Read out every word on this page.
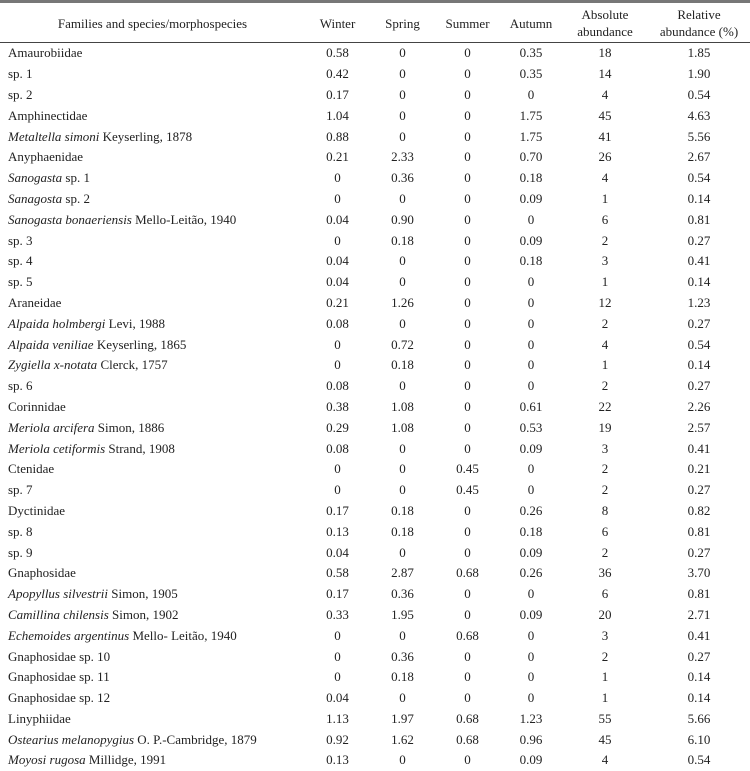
Families and species/morphospecies	Winter	Spring	Summer	Autumn	Absolute abundance	Relative abundance (%)
Amaurobiidae	0.58	0	0	0.35	18	1.85
sp. 1	0.42	0	0	0.35	14	1.90
sp. 2	0.17	0	0	0	4	0.54
Amphinectidae	1.04	0	0	1.75	45	4.63
Metaltella simoni Keyserling, 1878	0.88	0	0	1.75	41	5.56
Anyphaenidae	0.21	2.33	0	0.70	26	2.67
Sanogasta sp. 1	0	0.36	0	0.18	4	0.54
Sanagosta sp. 2	0	0	0	0.09	1	0.14
Sanogasta bonaeriensis Mello-Leitão, 1940	0.04	0.90	0	0	6	0.81
sp. 3	0	0.18	0	0.09	2	0.27
sp. 4	0.04	0	0	0.18	3	0.41
sp. 5	0.04	0	0	0	1	0.14
Araneidae	0.21	1.26	0	0	12	1.23
Alpaida holmbergi Levi, 1988	0.08	0	0	0	2	0.27
Alpaida veniliae Keyserling, 1865	0	0.72	0	0	4	0.54
Zygiella x-notata Clerck, 1757	0	0.18	0	0	1	0.14
sp. 6	0.08	0	0	0	2	0.27
Corinnidae	0.38	1.08	0	0.61	22	2.26
Meriola arcifera Simon, 1886	0.29	1.08	0	0.53	19	2.57
Meriola cetiformis Strand, 1908	0.08	0	0	0.09	3	0.41
Ctenidae	0	0	0.45	0	2	0.21
sp. 7	0	0	0.45	0	2	0.27
Dyctinidae	0.17	0.18	0	0.26	8	0.82
sp. 8	0.13	0.18	0	0.18	6	0.81
sp. 9	0.04	0	0	0.09	2	0.27
Gnaphosidae	0.58	2.87	0.68	0.26	36	3.70
Apopyllus silvestrii Simon, 1905	0.17	0.36	0	0	6	0.81
Camillina chilensis Simon, 1902	0.33	1.95	0	0.09	20	2.71
Echemoides argentinus Mello- Leitão, 1940	0	0	0.68	0	3	0.41
Gnaphosidae sp. 10	0	0.36	0	0	2	0.27
Gnaphosidae sp. 11	0	0.18	0	0	1	0.14
Gnaphosidae sp. 12	0.04	0	0	0	1	0.14
Linyphiidae	1.13	1.97	0.68	1.23	55	5.66
Ostearius melanopygius O. P.-Cambridge, 1879	0.92	1.62	0.68	0.96	45	6.10
Moyosi rugosa Millidge, 1991	0.13	0	0	0.09	4	0.54
